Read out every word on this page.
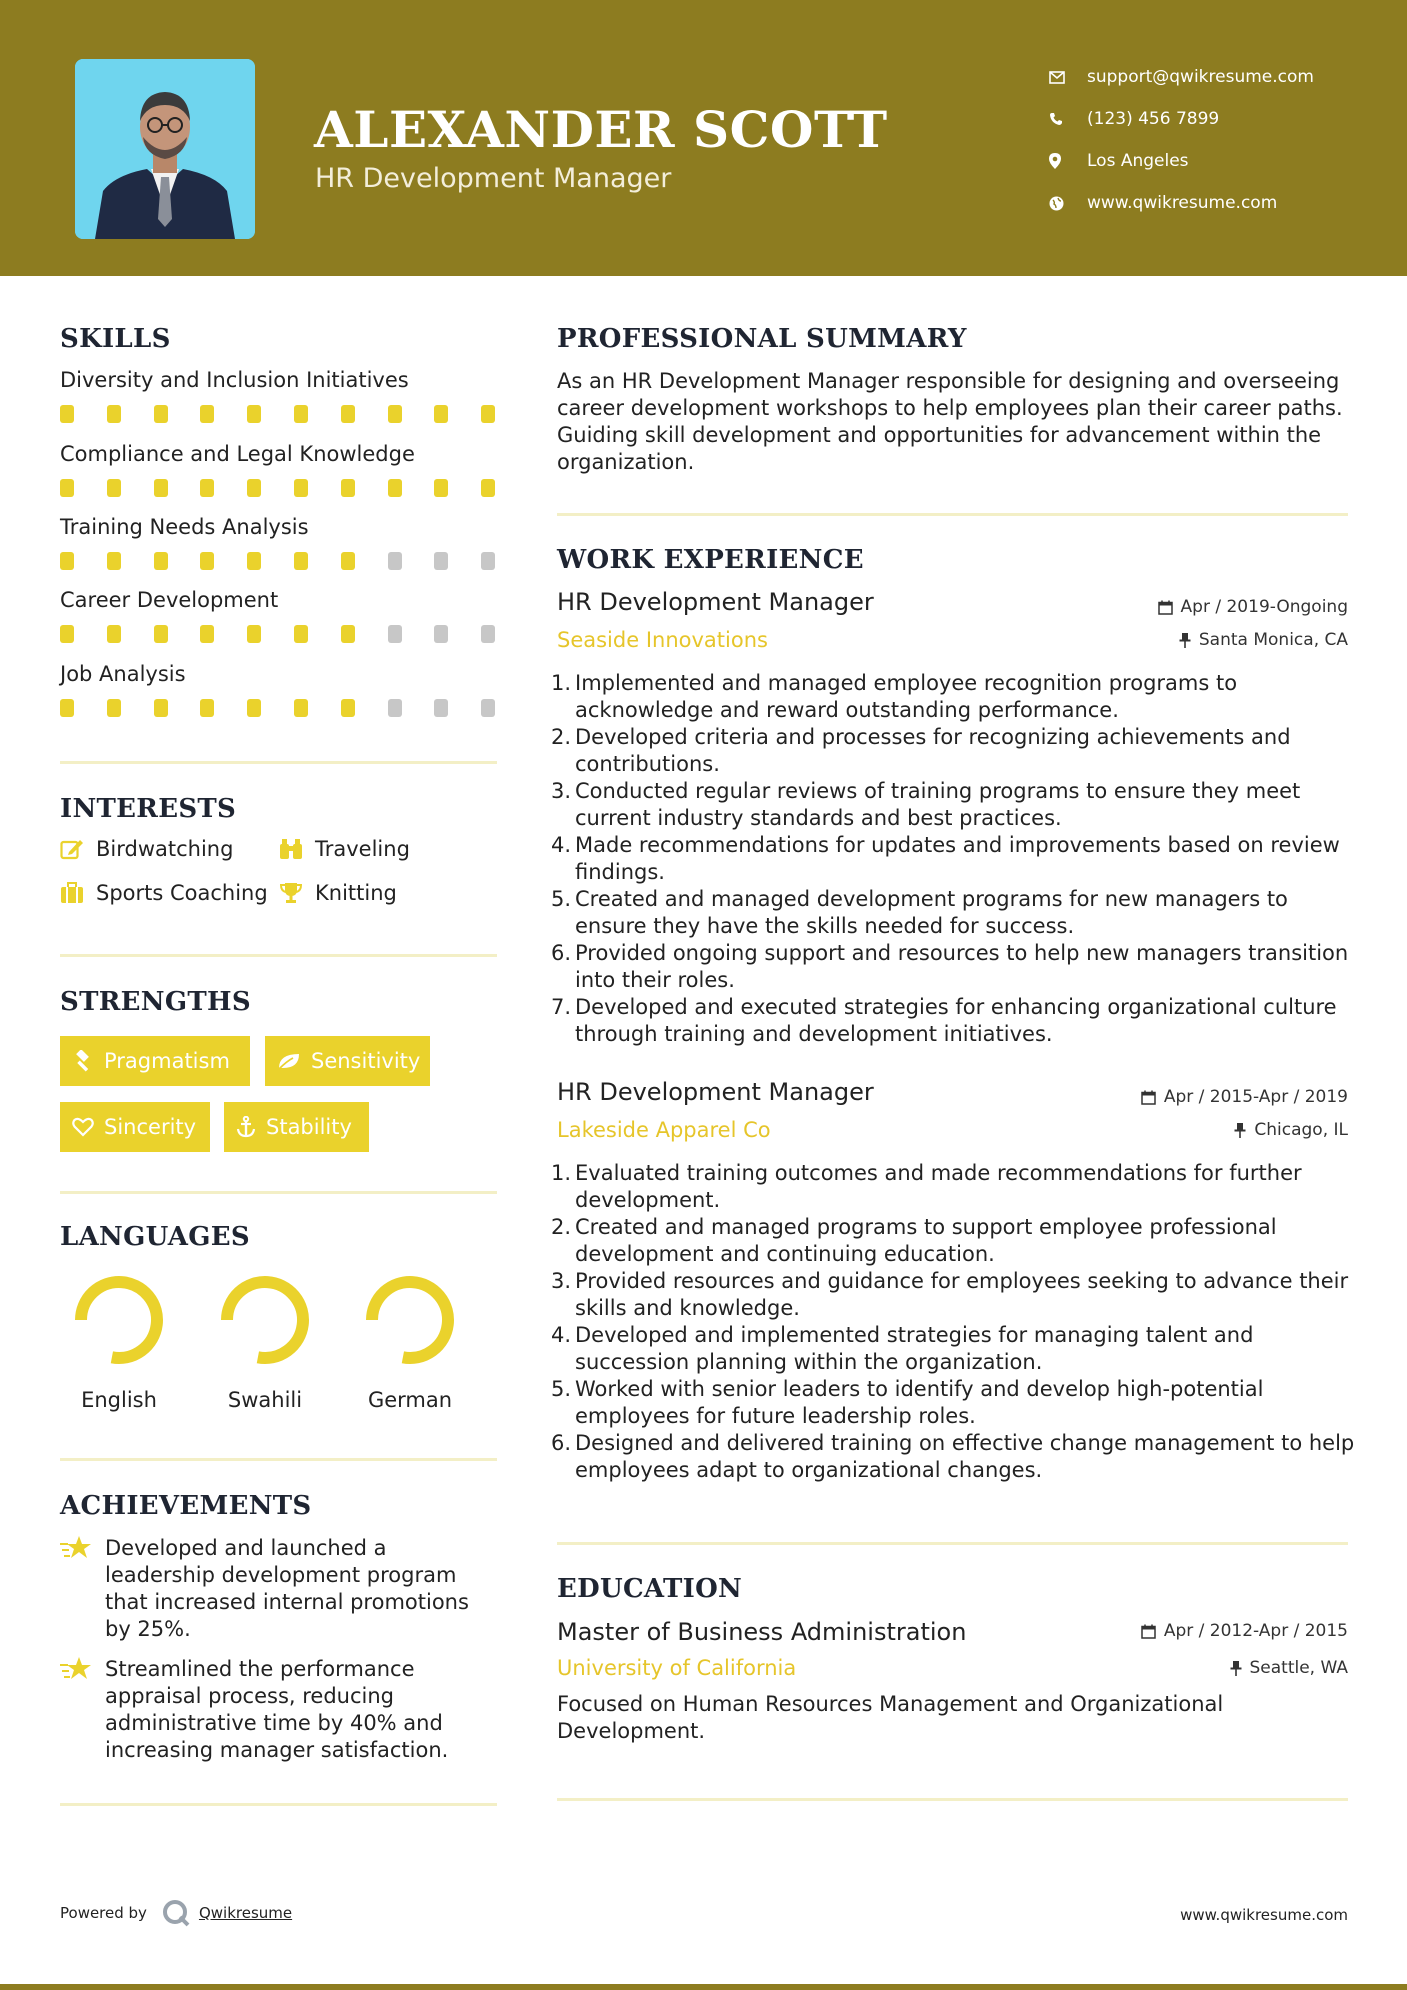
ALEXANDER SCOTT
HR Development Manager
support@qwikresume.com
(123) 456 7899
Los Angeles
www.qwikresume.com
SKILLS
Diversity and Inclusion Initiatives
Compliance and Legal Knowledge
Training Needs Analysis
Career Development
Job Analysis
INTERESTS
Birdwatching	Traveling
Sports Coaching Knitting
STRENGTHS
Pragmatism	Sensitivity
Sincerity	Stability
LANGUAGES
English	Swahili	German
ACHIEVEMENTS

Developed and launched a leadership development program that increased internal promotions by 25%.

Streamlined the performance appraisal process, reducing administrative time by 40% and increasing manager satisfaction.

PROFESSIONAL SUMMARY
As an HR Development Manager responsible for designing and overseeing career development workshops to help employees plan their career paths. Guiding skill development and opportunities for advancement within the organization.
WORK EXPERIENCE
HR Development Manager	Apr / 2019-Ongoing
Seaside Innovations	Santa Monica, CA
1. Implemented and managed employee recognition programs to acknowledge and reward outstanding performance.
2. Developed criteria and processes for recognizing achievements and contributions.
3. Conducted regular reviews of training programs to ensure they meet current industry standards and best practices.
4. Made recommendations for updates and improvements based on review findings.
5. Created and managed development programs for new managers to ensure they have the skills needed for success.
6. Provided ongoing support and resources to help new managers transition into their roles.
7. Developed and executed strategies for enhancing organizational culture through training and development initiatives.
HR Development Manager	Apr / 2015-Apr / 2019
Lakeside Apparel Co	Chicago, IL
1. Evaluated training outcomes and made recommendations for further development.
2. Created and managed programs to support employee professional development and continuing education.
3. Provided resources and guidance for employees seeking to advance their skills and knowledge.
4. Developed and implemented strategies for managing talent and succession planning within the organization.
5. Worked with senior leaders to identify and develop high-potential employees for future leadership roles.
6. Designed and delivered training on effective change management to help employees adapt to organizational changes.
EDUCATION
Master of Business Administration	Apr / 2012-Apr / 2015
University of California	Seattle, WA
Focused on Human Resources Management and Organizational Development.
Powered by	Qwikresume	www.qwikresume.com
